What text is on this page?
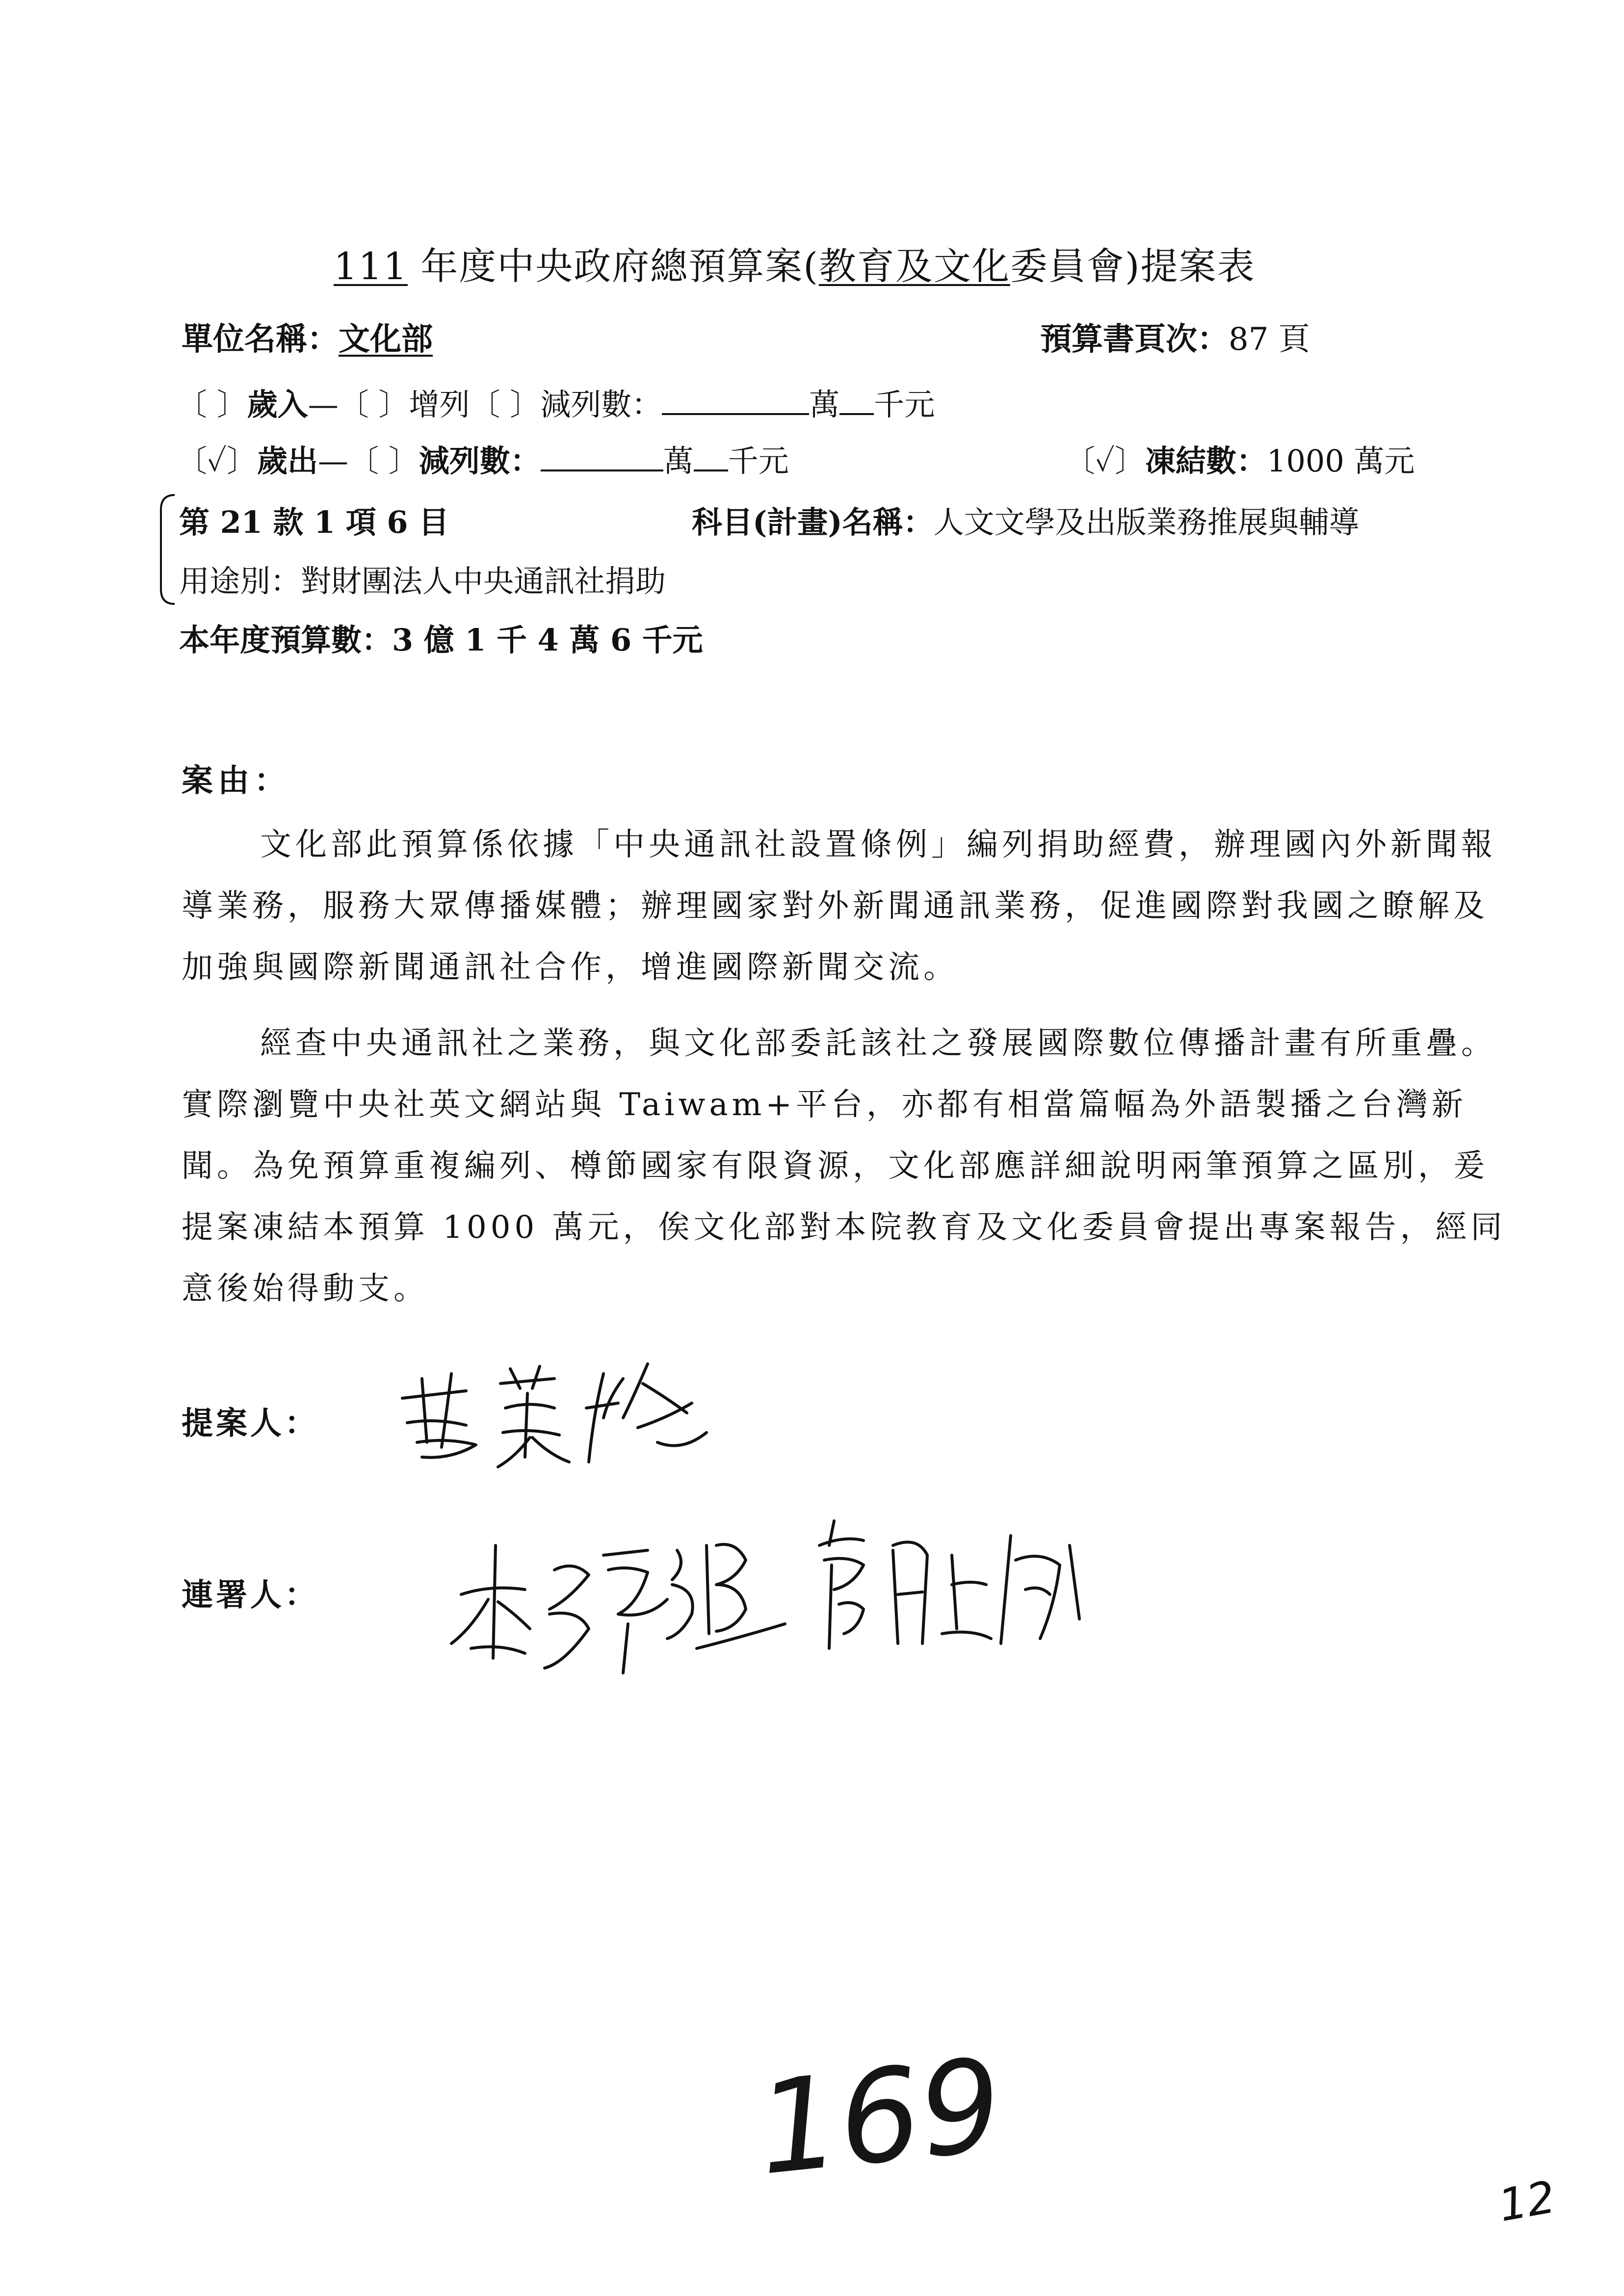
111 年度中央政府總預算案(教育及文化委員會)提案表
單位名稱：文化部	預算書頁次：87 頁
〔 〕歲入—〔 〕增列〔 〕減列數：	萬 千元
〔✓〕歲出—〔 〕減列數：	萬 千元	〔✓〕凍結數：1000 萬元
第 21 款 1 項 6 目	科目(計畫)名稱：人文文學及出版業務推展與輔導
用途別：對財團法人中央通訊社捐助
本年度預算數：3 億 1 千 4 萬 6 千元
案由：

文化部此預算係依據「中央通訊社設置條例」編列捐助經費，辦理國內外新聞報導業務，服務大眾傳播媒體；辦理國家對外新聞通訊業務，促進國際對我國之瞭解及加強與國際新聞通訊社合作，增進國際新聞交流。

經查中央通訊社之業務，與文化部委託該社之發展國際數位傳播計畫有所重疊。實際瀏覽中央社英文網站與 Taiwam+平台，亦都有相當篇幅為外語製播之台灣新聞。為免預算重複編列、樽節國家有限資源，文化部應詳細說明兩筆預算之區別，爰提案凍結本預算 1000 萬元，俟文化部對本院教育及文化委員會提出專案報告，經同意後始得動支。

提案人：
連署人：
169	12
